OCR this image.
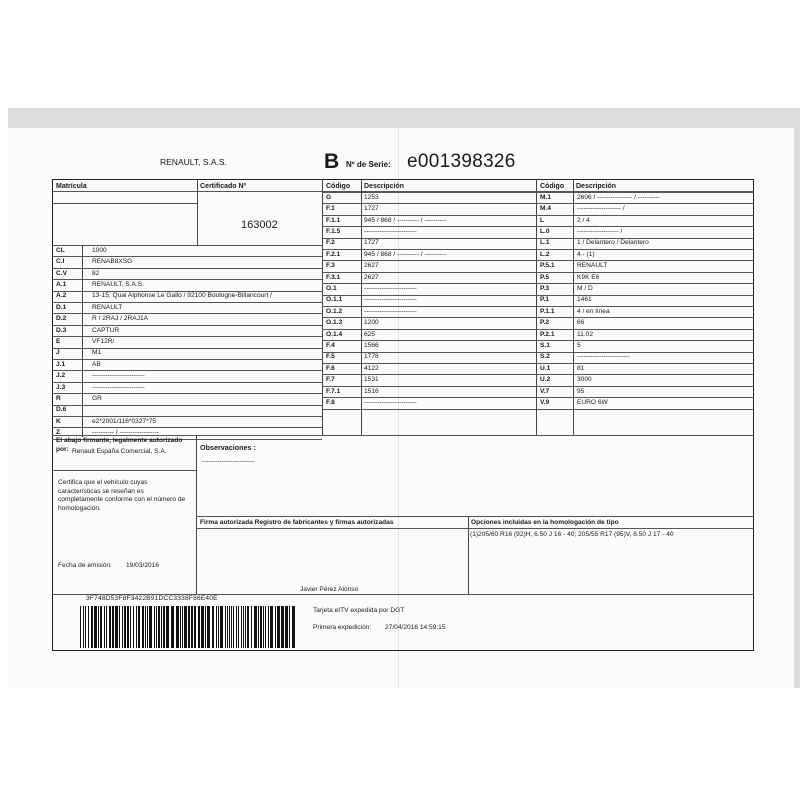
RENAULT, S.A.S.	B Nº de Serie: e001398326
Matrícula	Certificado Nº
163002
Código Descripción	Código Descripción
CL	1000
C.I	RENAB8XSG
C.V	82
A.1	RENAULT, S.A.S.
A.2	13-15, Quai Alphonse Le Gallo / 92100 Boulogne-Billancourt /
D.1	RENAULT
D.2	R / 2RAJ / 2RAJ1A
D.3	CAPTUR
E	VF12R/
J	M1
J.1	AB
J.2	------------------------
J.3	------------------------
R	GR
D.6
K	e2*2001/116*0327*75
Z	---------- / ------------------
G	1253
F.1	1727
F.1.1	945 / 868 / ---------- / ----------
F.1.5	------------------------
F.2	1727
F.2.1	945 / 868 / ---------- / ----------
F.3	2627
F.3.1	2627
O.1	------------------------
O.1.1	------------------------
O.1.2	------------------------
O.1.3	1200
O.1.4	625
F.4	1566
F.5	1778
F.6	4122
F.7	1531
F.7.1	1516
F.8	------------------------
M.1	2606 / ---------------- / ----------
M.4	-------------------- /
L	2 / 4
L.0	------------------- /
L.1	1 / Delantero / Delantero
L.2	4 - (1)
P.5.1	RENAULT
P.5	K9K E6
P.3	M / D
P.1	1461
P.1.1	4 / en línea
P.2	66
P.2.1	11.02
S.1	5
S.2	------------------------
U.1	81
U.2	3000
V.7	95
V.9	EURO 6W
El abajo firmante, legalmente autorizado
por: Renault España Comercial, S.A.	Observaciones :
------------------------
Certifica que el vehículo cuyas características se reseñan es completamente conforme con el número de homologación.
Firma autorizada Registro de fabricantes y firmas autorizadas	Opciones incluidas en la homologación de tipo
(1)205/60 R16 (92)H, 6.50 J 16 - 40; 205/55 R17 (95)V, 6.50 J 17 - 40
Fecha de emisión: 19/03/2016
Javier Pérez Alonso
3F748D53F8F3422B91DCC3338F86E40E
Tarjeta eITV expedida por DGT
Primera expedición: 27/04/2016 14:59:15
